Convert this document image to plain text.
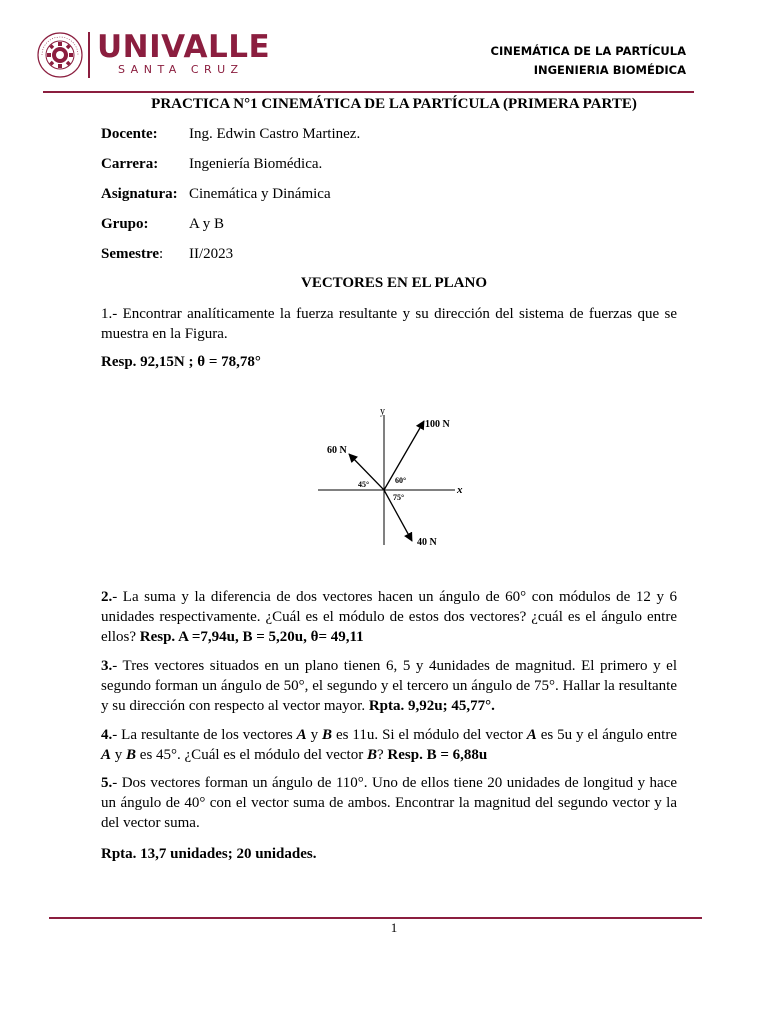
UNIVALLE
SANTA CRUZ
CINEMÁTICA DE LA PARTÍCULA
INGENIERIA BIOMÉDICA
PRACTICA N°1 CINEMÁTICA DE LA PARTÍCULA (PRIMERA PARTE)
Docente: Ing. Edwin Castro Martinez.
Carrera: Ingeniería Biomédica.
Asignatura: Cinemática y Dinámica
Grupo:	A y B
Semestre: II/2023
VECTORES EN EL PLANO
1.- Encontrar analíticamente la fuerza resultante y su dirección del sistema de fuerzas que se muestra en la Figura.
Resp. 92,15N ; θ = 78,78°
y
x
100 N
60 N
40 N
60°
45°
75°
2.- La suma y la diferencia de dos vectores hacen un ángulo de 60° con módulos de 12 y 6 unidades respectivamente. ¿Cuál es el módulo de estos dos vectores? ¿cuál es el ángulo entre ellos? Resp. A =7,94u, B = 5,20u, θ= 49,11
3.- Tres vectores situados en un plano tienen 6, 5 y 4unidades de magnitud. El primero y el segundo forman un ángulo de 50°, el segundo y el tercero un ángulo de 75°. Hallar la resultante y su dirección con respecto al vector mayor. Rpta. 9,92u; 45,77°.
4.- La resultante de los vectores A y B es 11u. Si el módulo del vector A es 5u y el ángulo entre A y B es 45°. ¿Cuál es el módulo del vector B? Resp. B = 6,88u
5.- Dos vectores forman un ángulo de 110°. Uno de ellos tiene 20 unidades de longitud y hace un ángulo de 40° con el vector suma de ambos. Encontrar la magnitud del segundo vector y la del vector suma.
Rpta. 13,7 unidades; 20 unidades.
1
